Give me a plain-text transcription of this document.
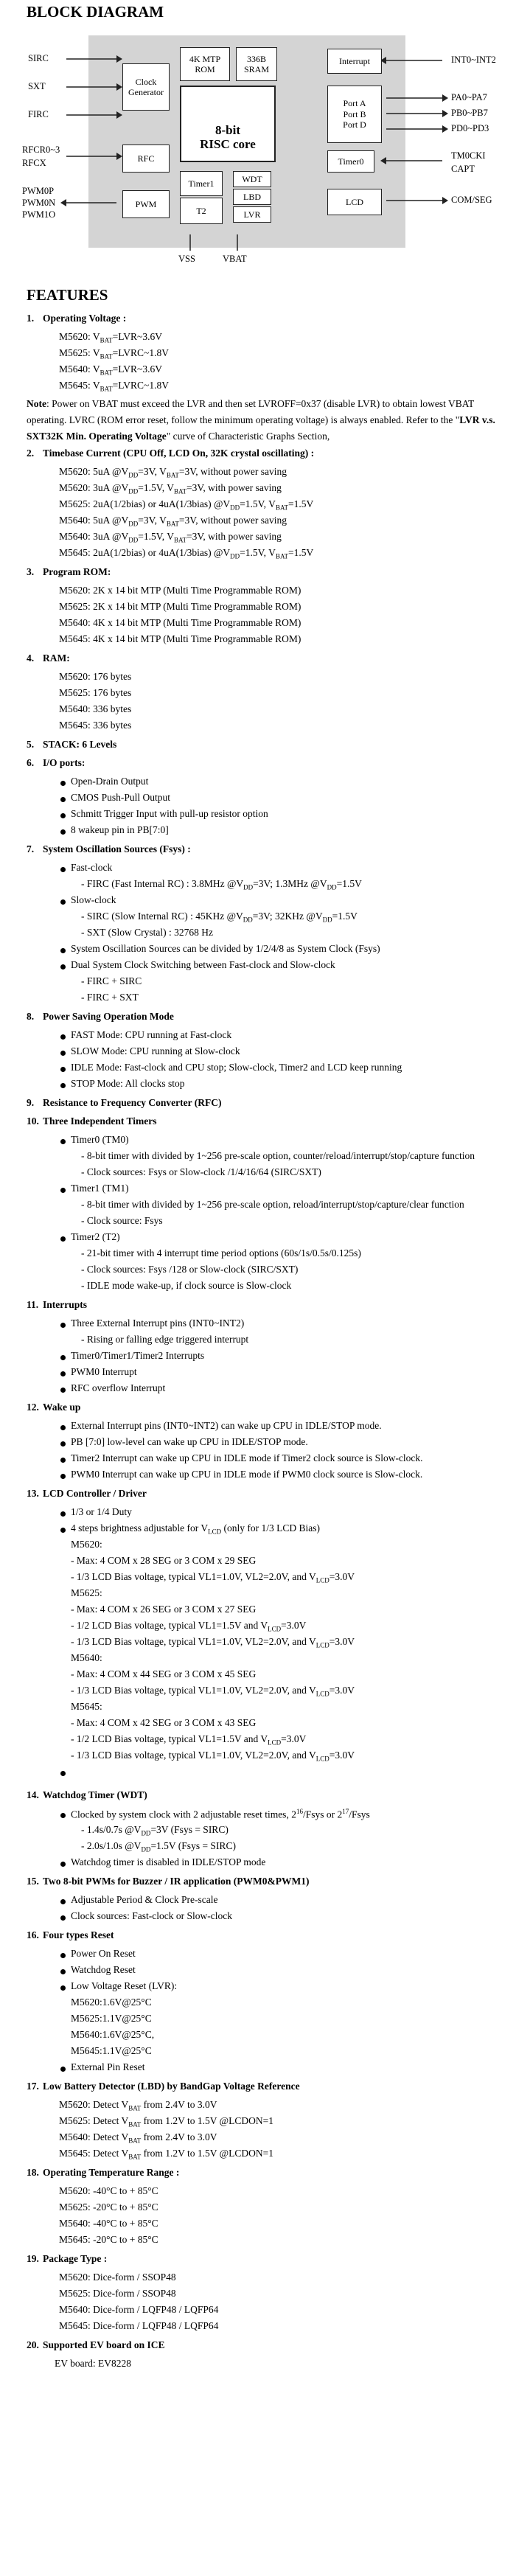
BLOCK DIAGRAM
SIRC
SXT
FIRC
RFCR0~3
RFCX
PWM0P
PWM0N
PWM1O
INT0~INT2
PA0~PA7
PB0~PB7
PD0~PD3
TM0CKI
CAPT
COM/SEG
VSS	VBAT
Clock Generator
4K MTP ROM
336B SRAM
Interrupt
8-bit
RISC core
Port A
Port B
Port D
RFC
Timer1
T2
WDT
LBD
LVR
Timer0
PWM	LCD
FEATURES
1. Operating Voltage :
M5620: $V_{BAT}=LVR\sim 3.6V$
M5625: $V_{BAT}=LVRC\sim 1.8V$
M5640: $V_{BAT}=LVR\sim 3.6V$
M5645: $V_{BAT}=LVRC\sim 1.8V$
Note: Power on VBAT must exceed the LVR and then set LVROFF=0x37 (disable LVR) to obtain lowest VBAT operating. LVRC (ROM error reset, follow the minimum operating voltage) is always enabled. Refer to the "LVR v.s. SXT32K Min. Operating Voltage" curve of Characteristic Graphs Section,
2. Timebase Current (CPU Off, LCD On, 32K crystal oscillating) :
M5620: 5uA $@V_{DD}=3V$, $V_{BAT}=3V$, without power saving
M5620: 3uA $@V_{DD}=1.5V$, $V_{BAT}=3V$, with power saving
M5625: 2uA(1/2bias) or 4uA(1/3bias) $@V_{DD}=1.5V$, $V_{BAT}=1.5V$
M5640: 5uA $@V_{DD}=3V$, $V_{BAT}=3V$, without power saving
M5640: 3uA $@V_{DD}=1.5V$, $V_{BAT}=3V$, with power saving
M5645: 2uA(1/2bias) or 4uA(1/3bias) $@V_{DD}=1.5V$, $V_{BAT}=1.5V$
3. Program ROM:
M5620: 2K x 14 bit MTP (Multi Time Programmable ROM)
M5625: 2K x 14 bit MTP (Multi Time Programmable ROM)
M5640: 4K x 14 bit MTP (Multi Time Programmable ROM)
M5645: 4K x 14 bit MTP (Multi Time Programmable ROM)
4. RAM:
M5620: 176 bytes
M5625: 176 bytes
M5640: 336 bytes
M5645: 336 bytes
5. STACK: 6 Levels
6. I/O ports:
Open-Drain Output
CMOS Push-Pull Output
Schmitt Trigger Input with pull-up resistor option
8 wakeup pin in PB[7:0]
7. System Oscillation Sources (Fsys) :
Fast-clock
- FIRC (Fast Internal RC) : 3.8MHz $@V_{DD}=3V$; 1.3MHz $@V_{DD}=1.5V$
Slow-clock
- SIRC (Slow Internal RC) : 45KHz $@V_{DD}=3V$; 32KHz $@V_{DD}=1.5V$
- SXT (Slow Crystal) : 32768 Hz
System Oscillation Sources can be divided by 1/2/4/8 as System Clock (Fsys)
Dual System Clock Switching between Fast-clock and Slow-clock
- FIRC + SIRC
- FIRC + SXT
8. Power Saving Operation Mode
FAST Mode: CPU running at Fast-clock
SLOW Mode: CPU running at Slow-clock
IDLE Mode: Fast-clock and CPU stop; Slow-clock, Timer2 and LCD keep running
STOP Mode: All clocks stop
9. Resistance to Frequency Converter (RFC)
10. Three Independent Timers
Timer0 (TM0)
- 8-bit timer with divided by 1~256 pre-scale option, counter/reload/interrupt/stop/capture function
- Clock sources: Fsys or Slow-clock /1/4/16/64 (SIRC/SXT)
Timer1 (TM1)
- 8-bit timer with divided by 1~256 pre-scale option, reload/interrupt/stop/capture/clear function
- Clock source: Fsys
Timer2 (T2)
- 21-bit timer with 4 interrupt time period options (60s/1s/0.5s/0.125s)
- Clock sources: Fsys /128 or Slow-clock (SIRC/SXT)
- IDLE mode wake-up, if clock source is Slow-clock
11. Interrupts
Three External Interrupt pins (INT0~INT2)
- Rising or falling edge triggered interrupt
Timer0/Timer1/Timer2 Interrupts
PWM0 Interrupt
RFC overflow Interrupt
12. Wake up
External Interrupt pins (INT0~INT2) can wake up CPU in IDLE/STOP mode.
PB [7:0] low-level can wake up CPU in IDLE/STOP mode.
Timer2 Interrupt can wake up CPU in IDLE mode if Timer2 clock source is Slow-clock.
PWM0 Interrupt can wake up CPU in IDLE mode if PWM0 clock source is Slow-clock.
13. LCD Controller / Driver
1/3 or 1/4 Duty
4 steps brightness adjustable for $V_{LCD}$ (only for 1/3 LCD Bias)
M5620:
- Max: 4 COM x 28 SEG or 3 COM x 29 SEG
- 1/3 LCD Bias voltage, typical VL1=1.0V, VL2=2.0V, and $V_{LCD}=3.0V$
M5625:
- Max: 4 COM x 26 SEG or 3 COM x 27 SEG
- 1/2 LCD Bias voltage, typical VL1=1.5V and $V_{LCD}=3.0V$
- 1/3 LCD Bias voltage, typical VL1=1.0V, VL2=2.0V, and $V_{LCD}=3.0V$
M5640:
- Max: 4 COM x 44 SEG or 3 COM x 45 SEG
- 1/3 LCD Bias voltage, typical VL1=1.0V, VL2=2.0V, and $V_{LCD}=3.0V$
M5645:
- Max: 4 COM x 42 SEG or 3 COM x 43 SEG
- 1/2 LCD Bias voltage, typical VL1=1.5V and $V_{LCD}=3.0V$
- 1/3 LCD Bias voltage, typical VL1=1.0V, VL2=2.0V, and $V_{LCD}=3.0V$
14. Watchdog Timer (WDT)
Clocked by system clock with 2 adjustable reset times, $2^{16}$/Fsys or $2^{17}$/Fsys
- 1.4s/0.7s $@V_{DD}=3V$ (Fsys = SIRC)
- 2.0s/1.0s $@V_{DD}=1.5V$ (Fsys = SIRC)
Watchdog timer is disabled in IDLE/STOP mode
15. Two 8-bit PWMs for Buzzer / IR application (PWM0&PWM1)
Adjustable Period & Clock Pre-scale
Clock sources: Fast-clock or Slow-clock
16. Four types Reset
Power On Reset
Watchdog Reset
Low Voltage Reset (LVR):
M5620:1.6V@25°C
M5625:1.1V@25°C
M5640:1.6V@25°C,
M5645:1.1V@25°C
External Pin Reset
17. Low Battery Detector (LBD) by BandGap Voltage Reference
M5620: Detect $V_{BAT}$ from 2.4V to 3.0V
M5625: Detect $V_{BAT}$ from 1.2V to 1.5V @LCDON=1
M5640: Detect $V_{BAT}$ from 2.4V to 3.0V
M5645: Detect $V_{BAT}$ from 1.2V to 1.5V @LCDON=1
18. Operating Temperature Range :
M5620: -40°C to + 85°C
M5625: -20°C to + 85°C
M5640: -40°C to + 85°C
M5645: -20°C to + 85°C
19. Package Type :
M5620: Dice-form / SSOP48
M5625: Dice-form / SSOP48
M5640: Dice-form / LQFP48 / LQFP64
M5645: Dice-form / LQFP48 / LQFP64
20. Supported EV board on ICE
EV board: EV8228
